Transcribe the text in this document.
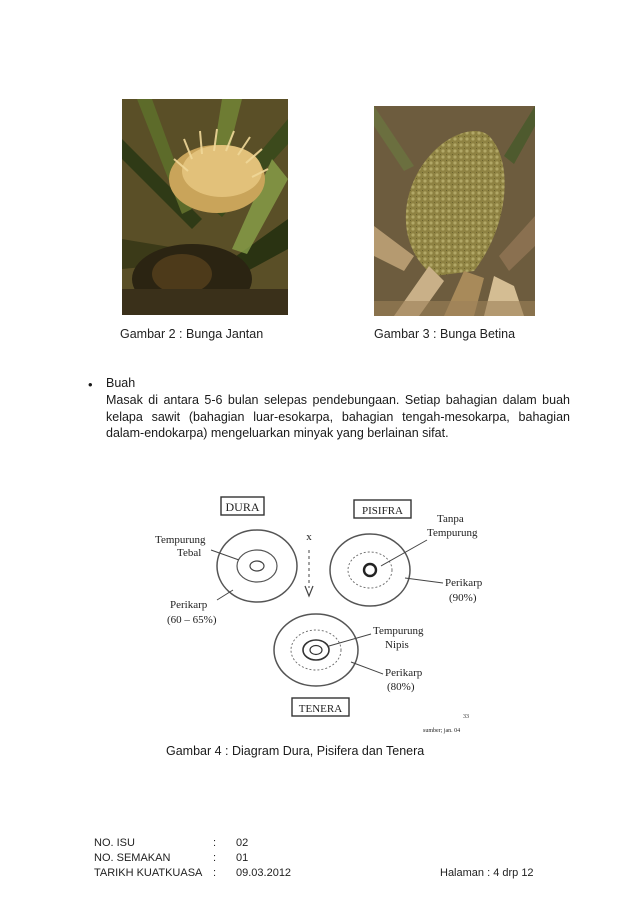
Gambar 2 : Bunga Jantan	Gambar 3 : Bunga Betina
• Buah
Masak di antara 5-6 bulan selepas pendebungaan. Setiap bahagian dalam buah kelapa sawit (bahagian luar-esokarpa, bahagian tengah-mesokarpa, bahagian dalam-endokarpa) mengeluarkan minyak yang berlainan sifat.
DURA	PISIFRA
x
TENERA
Tempurung
Tebal
Perikarp
(60 – 65%)
Tanpa
Tempurung
Perikarp
(90%)
Tempurung
Nipis
Perikarp
(80%)
sumber; jan. 04
33
Gambar 4 : Diagram Dura, Pisifera dan Tenera
NO. ISU	: 02
NO. SEMAKAN	: 01
TARIKH KUATKUASA : 09.03.2012	Halaman : 4 drp 12
